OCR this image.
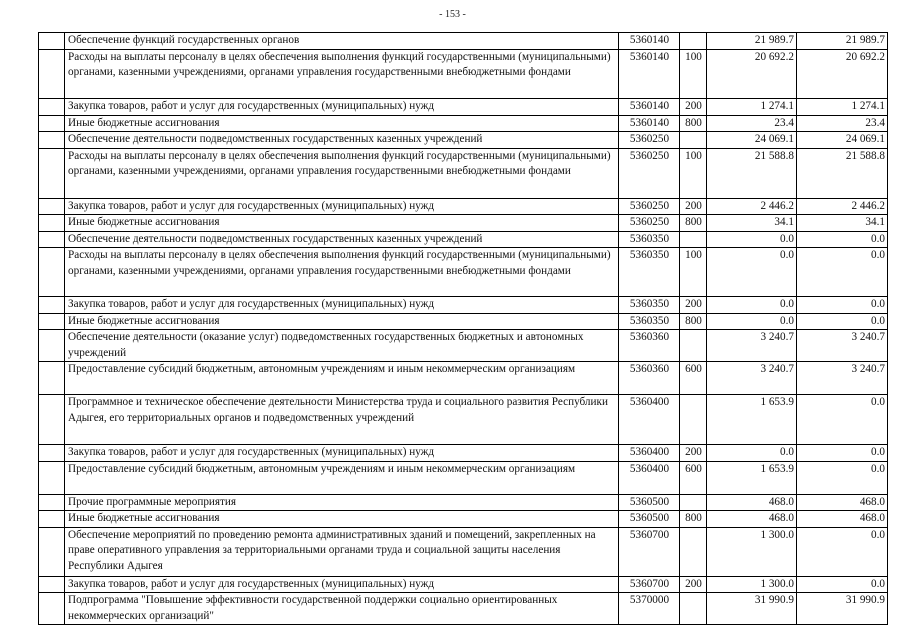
- 153 -
	Обеспечение функций государственных органов	5360140		21 989.7	21 989.7
	Расходы на выплаты персоналу в целях обеспечения выполнения функций государственными (муниципальными) органами, казенными учреждениями, органами управления государственными внебюджетными фондами	5360140	100	20 692.2	20 692.2
	Закупка товаров, работ и услуг для государственных (муниципальных) нужд	5360140	200	1 274.1	1 274.1
	Иные бюджетные ассигнования	5360140	800	23.4	23.4
	Обеспечение деятельности подведомственных государственных казенных учреждений	5360250		24 069.1	24 069.1
	Расходы на выплаты персоналу в целях обеспечения выполнения функций государственными (муниципальными) органами, казенными учреждениями, органами управления государственными внебюджетными фондами	5360250	100	21 588.8	21 588.8
	Закупка товаров, работ и услуг для государственных (муниципальных) нужд	5360250	200	2 446.2	2 446.2
	Иные бюджетные ассигнования	5360250	800	34.1	34.1
	Обеспечение деятельности подведомственных государственных казенных учреждений	5360350		0.0	0.0
	Расходы на выплаты персоналу в целях обеспечения выполнения функций государственными (муниципальными) органами, казенными учреждениями, органами управления государственными внебюджетными фондами	5360350	100	0.0	0.0
	Закупка товаров, работ и услуг для государственных (муниципальных) нужд	5360350	200	0.0	0.0
	Иные бюджетные ассигнования	5360350	800	0.0	0.0
	Обеспечение деятельности (оказание услуг) подведомственных государственных бюджетных и автономных учреждений	5360360		3 240.7	3 240.7
	Предоставление субсидий бюджетным, автономным учреждениям и иным некоммерческим организациям	5360360	600	3 240.7	3 240.7
	Программное и техническое обеспечение деятельности Министерства труда и социального развития Республики Адыгея, его территориальных органов и подведомственных учреждений	5360400		1 653.9	0.0
	Закупка товаров, работ и услуг для государственных (муниципальных) нужд	5360400	200	0.0	0.0
	Предоставление субсидий бюджетным, автономным учреждениям и иным некоммерческим организациям	5360400	600	1 653.9	0.0
	Прочие программные мероприятия	5360500		468.0	468.0
	Иные бюджетные ассигнования	5360500	800	468.0	468.0
	Обеспечение мероприятий по проведению ремонта административных зданий и помещений, закрепленных на праве оперативного управления за территориальными органами труда и социальной защиты населения Республики Адыгея	5360700		1 300.0	0.0
	Закупка товаров, работ и услуг для государственных (муниципальных) нужд	5360700	200	1 300.0	0.0
	Подпрограмма "Повышение эффективности государственной поддержки социально ориентированных некоммерческих организаций"	5370000		31 990.9	31 990.9
